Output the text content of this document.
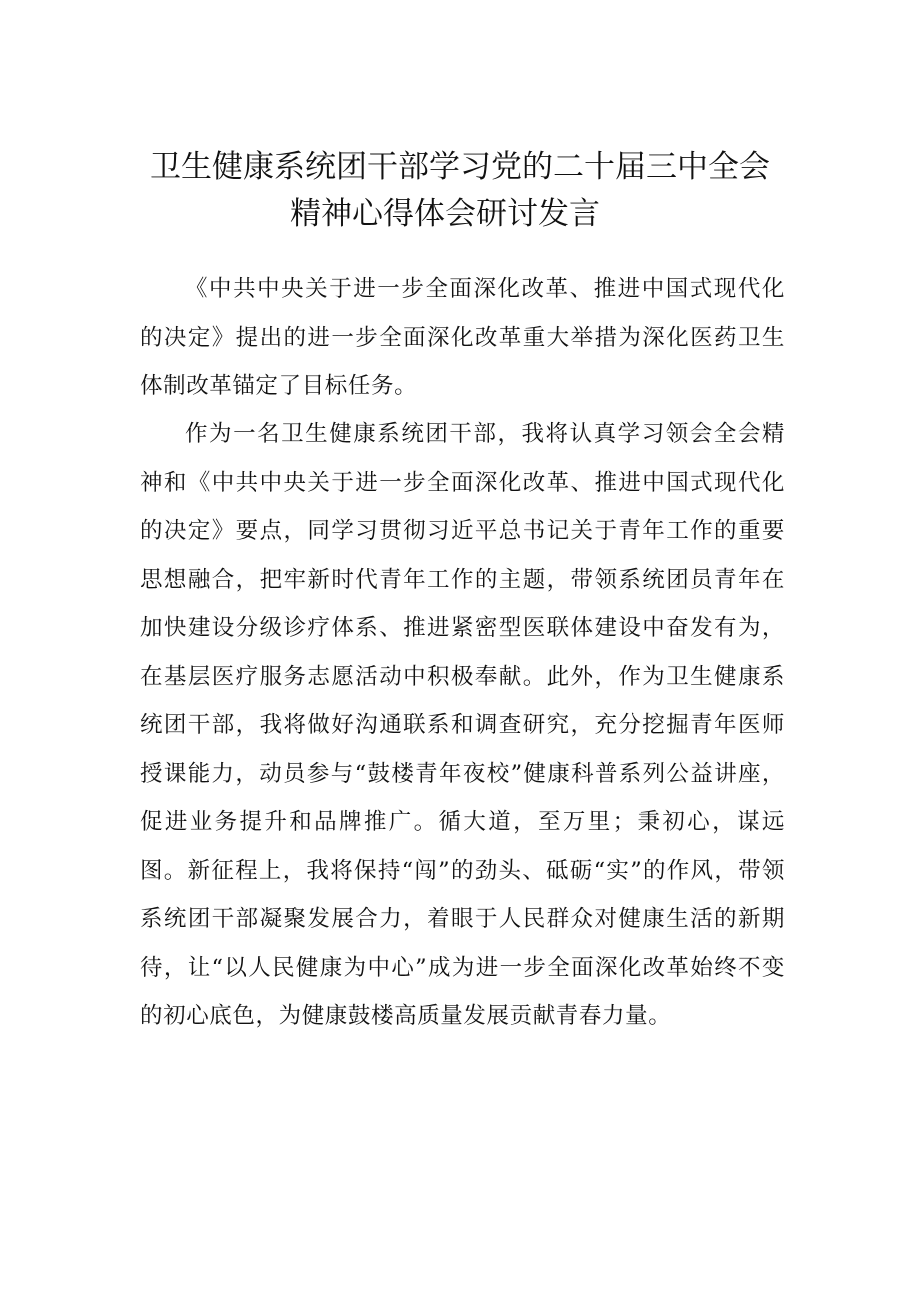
卫生健康系统团干部学习党的二十届三中全会
精神心得体会研讨发言

《中共中央关于进一步全面深化改革、推进中国式现代化的决定》提出的进一步全面深化改革重大举措为深化医药卫生体制改革锚定了目标任务。

作为一名卫生健康系统团干部，我将认真学习领会全会精神和《中共中央关于进一步全面深化改革、推进中国式现代化的决定》要点，同学习贯彻习近平总书记关于青年工作的重要思想融合，把牢新时代青年工作的主题，带领系统团员青年在加快建设分级诊疗体系、推进紧密型医联体建设中奋发有为，在基层医疗服务志愿活动中积极奉献。此外，作为卫生健康系统团干部，我将做好沟通联系和调查研究，充分挖掘青年医师授课能力，动员参与“鼓楼青年夜校”健康科普系列公益讲座，促进业务提升和品牌推广。循大道，至万里；秉初心，谋远图。新征程上，我将保持“闯”的劲头、砥砺“实”的作风，带领系统团干部凝聚发展合力，着眼于人民群众对健康生活的新期待，让“以人民健康为中心”成为进一步全面深化改革始终不变的初心底色，为健康鼓楼高质量发展贡献青春力量。
